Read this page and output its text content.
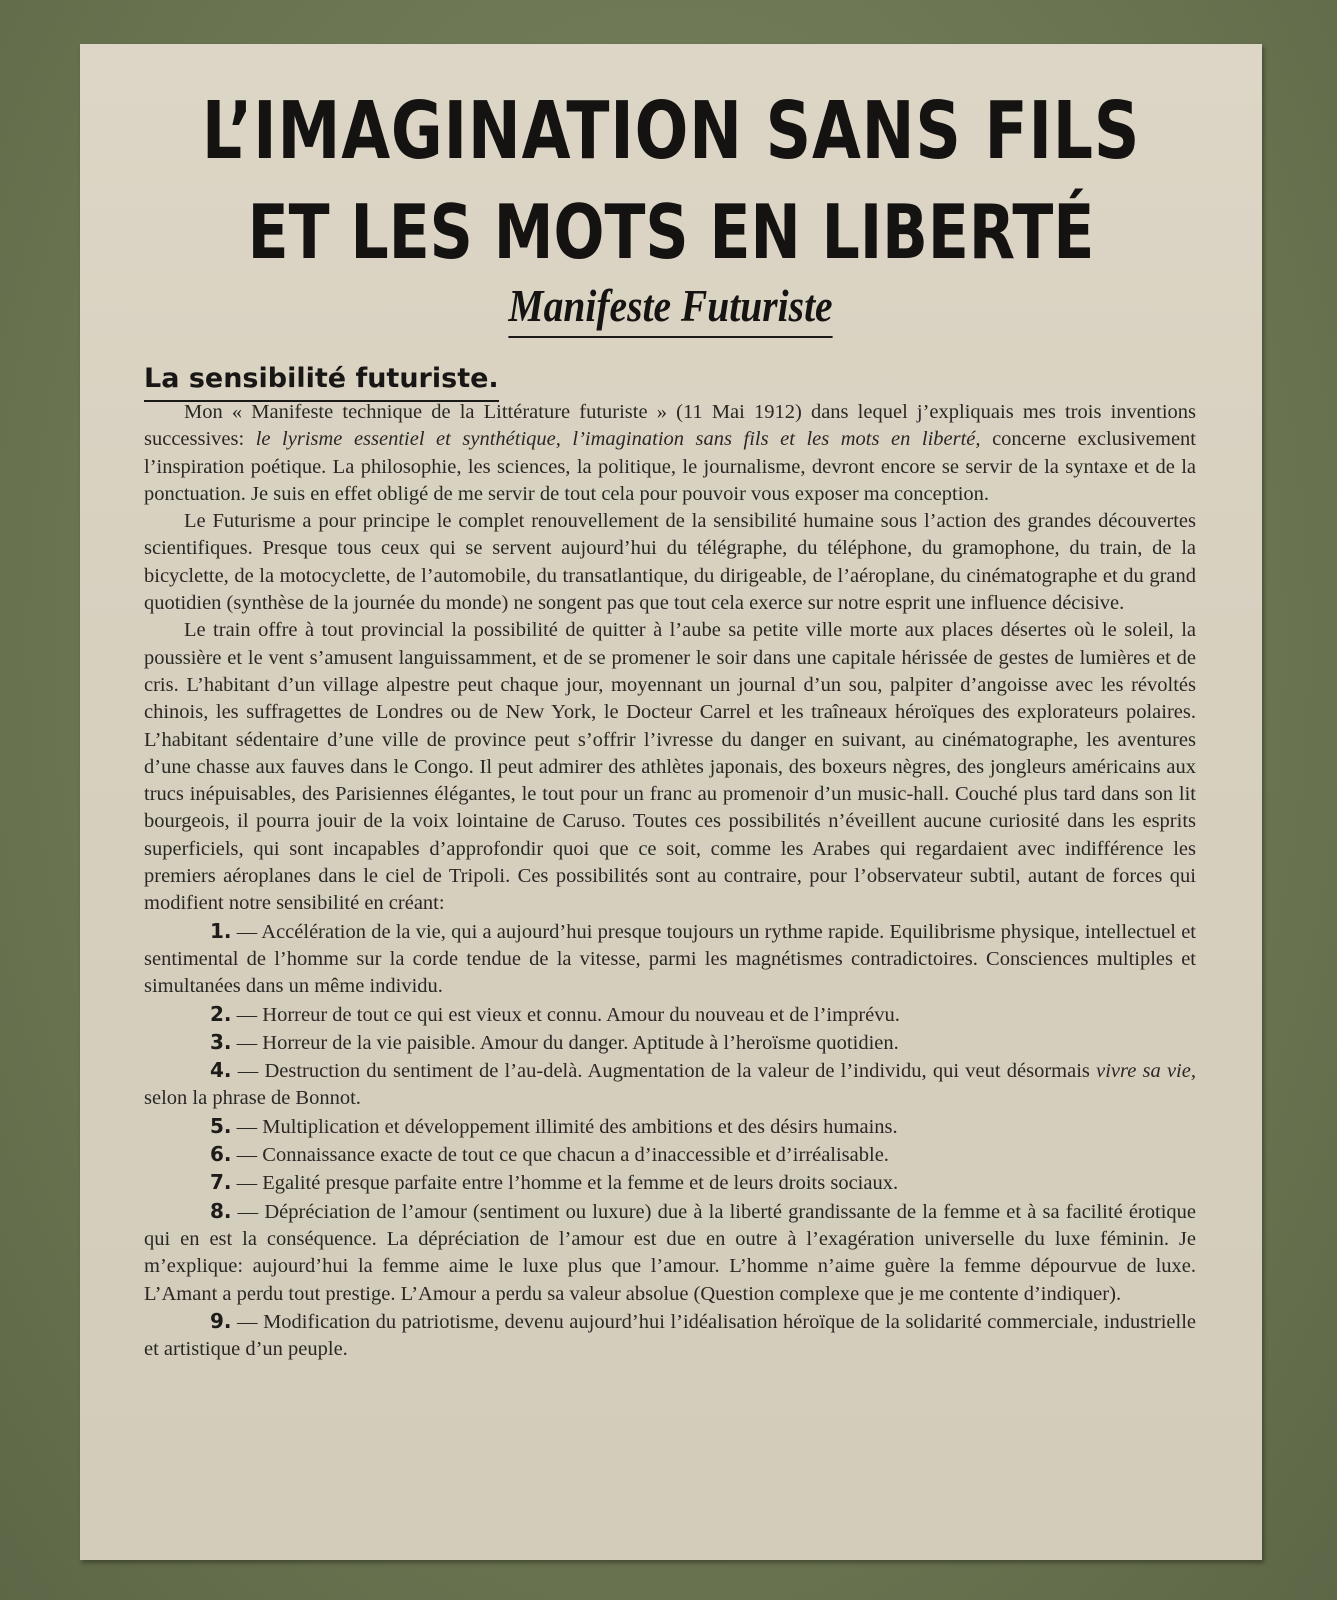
L’IMAGINATION SANS FILS
ET LES MOTS EN LIBERTÉ
Manifeste Futuriste
La sensibilité futuriste.

Mon « Manifeste technique de la Littérature futuriste » (11 Mai 1912) dans lequel j’expliquais mes trois inventions successives: le lyrisme essentiel et synthétique, l’imagination sans fils et les mots en liberté, concerne exclusivement l’inspiration poétique. La philosophie, les sciences, la politique, le journalisme, devront encore se servir de la syntaxe et de la ponctuation. Je suis en effet obligé de me servir de tout cela pour pouvoir vous exposer ma conception.

Le Futurisme a pour principe le complet renouvellement de la sensibilité humaine sous l’action des grandes découvertes scientifiques. Presque tous ceux qui se servent aujourd’hui du télégraphe, du téléphone, du gramophone, du train, de la bicyclette, de la motocyclette, de l’automobile, du transatlantique, du dirigeable, de l’aéroplane, du cinématographe et du grand quotidien (synthèse de la journée du monde) ne songent pas que tout cela exerce sur notre esprit une influence décisive.

Le train offre à tout provincial la possibilité de quitter à l’aube sa petite ville morte aux places désertes où le soleil, la poussière et le vent s’amusent languissamment, et de se promener le soir dans une capitale hérissée de gestes de lumières et de cris. L’habitant d’un village alpestre peut chaque jour, moyennant un journal d’un sou, palpiter d’angoisse avec les révoltés chinois, les suffragettes de Londres ou de New York, le Docteur Carrel et les traîneaux héroïques des explorateurs polaires. L’habitant sédentaire d’une ville de province peut s’offrir l’ivresse du danger en suivant, au cinématographe, les aventures d’une chasse aux fauves dans le Congo. Il peut admirer des athlètes japonais, des boxeurs nègres, des jongleurs américains aux trucs inépuisables, des Parisiennes élégantes, le tout pour un franc au promenoir d’un music-hall. Couché plus tard dans son lit bourgeois, il pourra jouir de la voix lointaine de Caruso. Toutes ces possibilités n’éveillent aucune curiosité dans les esprits superficiels, qui sont incapables d’approfondir quoi que ce soit, comme les Arabes qui regardaient avec indifférence les premiers aéroplanes dans le ciel de Tripoli. Ces possibilités sont au contraire, pour l’observateur subtil, autant de forces qui modifient notre sensibilité en créant:

1. — Accélération de la vie, qui a aujourd’hui presque toujours un rythme rapide. Equilibrisme physique, intellectuel et sentimental de l’homme sur la corde tendue de la vitesse, parmi les magnétismes contradictoires. Consciences multiples et simultanées dans un même individu.

2. — Horreur de tout ce qui est vieux et connu. Amour du nouveau et de l’imprévu.

3. — Horreur de la vie paisible. Amour du danger. Aptitude à l’heroïsme quotidien.

4. — Destruction du sentiment de l’au-delà. Augmentation de la valeur de l’individu, qui veut désormais vivre sa vie, selon la phrase de Bonnot.

5. — Multiplication et développement illimité des ambitions et des désirs humains.

6. — Connaissance exacte de tout ce que chacun a d’inaccessible et d’irréalisable.

7. — Egalité presque parfaite entre l’homme et la femme et de leurs droits sociaux.

8. — Dépréciation de l’amour (sentiment ou luxure) due à la liberté grandissante de la femme et à sa facilité érotique qui en est la conséquence. La dépréciation de l’amour est due en outre à l’exagération universelle du luxe féminin. Je m’explique: aujourd’hui la femme aime le luxe plus que l’amour. L’homme n’aime guère la femme dépourvue de luxe. L’Amant a perdu tout prestige. L’Amour a perdu sa valeur absolue (Question complexe que je me contente d’indiquer).

9. — Modification du patriotisme, devenu aujourd’hui l’idéalisation héroïque de la solidarité commerciale, industrielle et artistique d’un peuple.
